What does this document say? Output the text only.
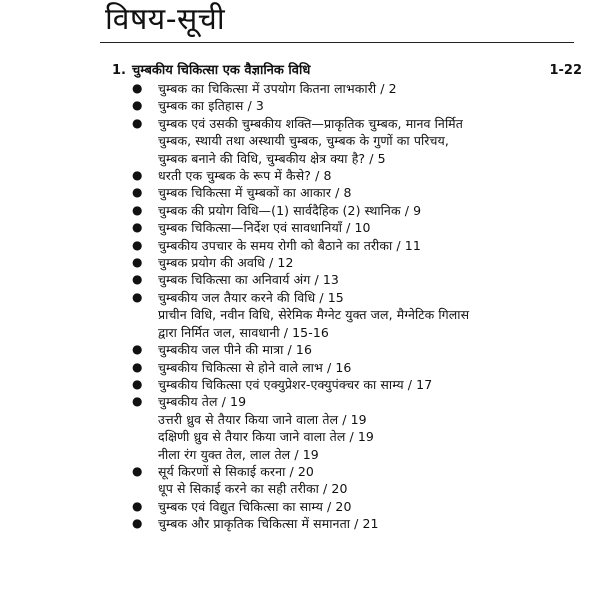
विषय-सूची
1. चुम्बकीय चिकित्सा एक वैज्ञानिक विधि	1-22
● चुम्बक का चिकित्सा में उपयोग कितना लाभकारी / 2
● चुम्बक का इतिहास / 3
● चुम्बक एवं उसकी चुम्बकीय शक्ति—प्राकृतिक चुम्बक, मानव निर्मित
चुम्बक, स्थायी तथा अस्थायी चुम्बक, चुम्बक के गुणों का परिचय,
चुम्बक बनाने की विधि, चुम्बकीय क्षेत्र क्या है? / 5
● धरती एक चुम्बक के रूप में कैसे? / 8
● चुम्बक चिकित्सा में चुम्बकों का आकार / 8
● चुम्बक की प्रयोग विधि—(1) सार्वदैहिक (2) स्थानिक / 9
● चुम्बक चिकित्सा—निर्देश एवं सावधानियाँ / 10
● चुम्बकीय उपचार के समय रोगी को बैठाने का तरीका / 11
● चुम्बक प्रयोग की अवधि / 12
● चुम्बक चिकित्सा का अनिवार्य अंग / 13
● चुम्बकीय जल तैयार करने की विधि / 15
प्राचीन विधि, नवीन विधि, सेरेमिक मैग्नेट युक्त जल, मैग्नेटिक गिलास
द्वारा निर्मित जल, सावधानी / 15-16
● चुम्बकीय जल पीने की मात्रा / 16
● चुम्बकीय चिकित्सा से होने वाले लाभ / 16
● चुम्बकीय चिकित्सा एवं एक्युप्रेशर-एक्युपंक्चर का साम्य / 17
● चुम्बकीय तेल / 19
उत्तरी ध्रुव से तैयार किया जाने वाला तेल / 19
दक्षिणी ध्रुव से तैयार किया जाने वाला तेल / 19
नीला रंग युक्त तेल, लाल तेल / 19
● सूर्य किरणों से सिकाई करना / 20
धूप से सिकाई करने का सही तरीका / 20
● चुम्बक एवं विद्युत चिकित्सा का साम्य / 20
● चुम्बक और प्राकृतिक चिकित्सा में समानता / 21
